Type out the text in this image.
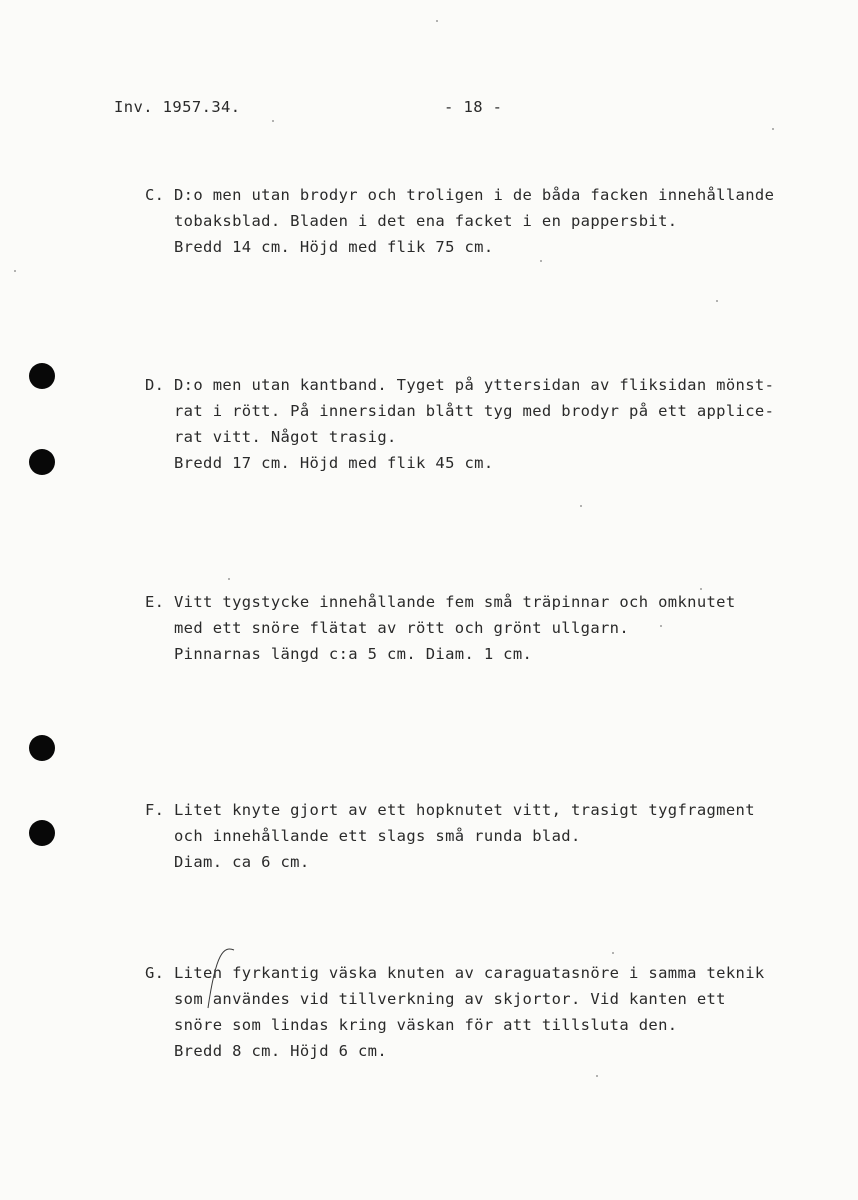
Inv. 1957.34.	- 18 -
C. D:o men utan brodyr och troligen i de båda facken innehållande
tobaksblad. Bladen i det ena facket i en pappersbit.
Bredd 14 cm. Höjd med flik 75 cm.
D. D:o men utan kantband. Tyget på yttersidan av fliksidan mönst-
rat i rött. På innersidan blått tyg med brodyr på ett applice-
rat vitt. Något trasig.
Bredd 17 cm. Höjd med flik 45 cm.
E. Vitt tygstycke innehållande fem små träpinnar och omknutet
med ett snöre flätat av rött och grönt ullgarn.
Pinnarnas längd c:a 5 cm. Diam. 1 cm.
F. Litet knyte gjort av ett hopknutet vitt, trasigt tygfragment
och innehållande ett slags små runda blad.
Diam. ca 6 cm.
G. Liten fyrkantig väska knuten av caraguatasnöre i samma teknik
som användes vid tillverkning av skjortor. Vid kanten ett
snöre som lindas kring väskan för att tillsluta den.
Bredd 8 cm. Höjd 6 cm.
